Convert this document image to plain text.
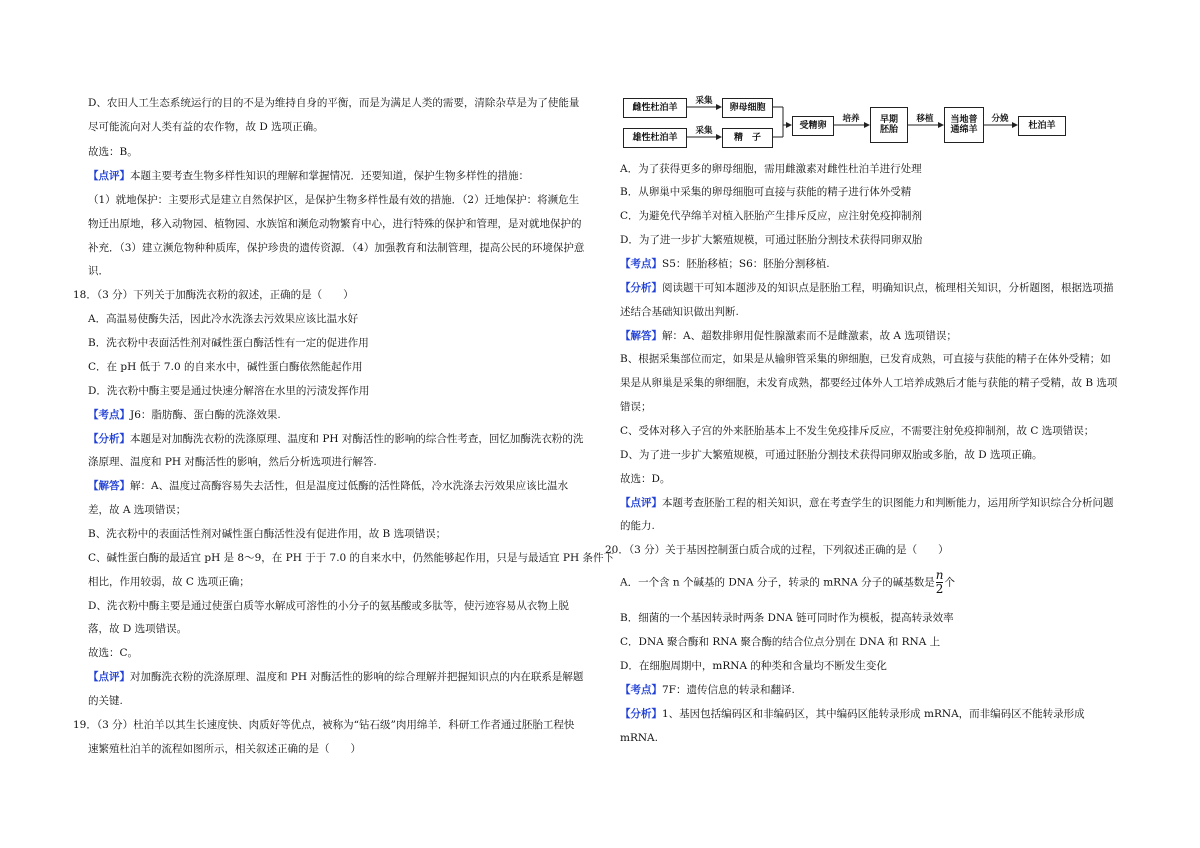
D、农田人工生态系统运行的目的不是为维持自身的平衡，而是为满足人类的需要，清除杂草是为了使能量
尽可能流向对人类有益的农作物，故 D 选项正确。
故选：B。
【点评】本题主要考查生物多样性知识的理解和掌握情况．还要知道，保护生物多样性的措施：
（1）就地保护：主要形式是建立自然保护区，是保护生物多样性最有效的措施．（2）迁地保护：将濒危生
物迁出原地，移入动物园、植物园、水族馆和濒危动物繁育中心，进行特殊的保护和管理，是对就地保护的
补充．（3）建立濒危物种种质库，保护珍贵的遗传资源．（4）加强教育和法制管理，提高公民的环境保护意
识．
18．（3 分）下列关于加酶洗衣粉的叙述，正确的是（　　）
A．高温易使酶失活，因此冷水洗涤去污效果应该比温水好
B．洗衣粉中表面活性剂对碱性蛋白酶活性有一定的促进作用
C．在 pH 低于 7.0 的自来水中，碱性蛋白酶依然能起作用
D．洗衣粉中酶主要是通过快速分解溶在水里的污渍发挥作用
【考点】J6：脂肪酶、蛋白酶的洗涤效果.
【分析】本题是对加酶洗衣粉的洗涤原理、温度和 PH 对酶活性的影响的综合性考查，回忆加酶洗衣粉的洗
涤原理、温度和 PH 对酶活性的影响，然后分析选项进行解答.
【解答】解：A、温度过高酶容易失去活性，但是温度过低酶的活性降低，冷水洗涤去污效果应该比温水
差，故 A 选项错误；
B、洗衣粉中的表面活性剂对碱性蛋白酶活性没有促进作用，故 B 选项错误；
C、碱性蛋白酶的最适宜 pH 是 8～9，在 PH 于于 7.0 的自来水中，仍然能够起作用，只是与最适宜 PH 条件下
相比，作用较弱，故 C 选项正确；
D、洗衣粉中酶主要是通过使蛋白质等水解成可溶性的小分子的氨基酸或多肽等，使污迹容易从衣物上脱
落，故 D 选项错误。
故选：C。
【点评】对加酶洗衣粉的洗涤原理、温度和 PH 对酶活性的影响的综合理解并把握知识点的内在联系是解题
的关键.
19．（3 分）杜泊羊以其生长速度快、肉质好等优点，被称为“钻石级”肉用绵羊．科研工作者通过胚胎工程快
速繁殖杜泊羊的流程如图所示，相关叙述正确的是（　　）
雌性杜泊羊
雄性杜泊羊
采集
采集
卵母细胞
精　子
受精卵
培养	早期
胚胎
移植	当地普
通绵羊
分娩
杜泊羊
A．为了获得更多的卵母细胞，需用雌激素对雌性杜泊羊进行处理
B．从卵巢中采集的卵母细胞可直接与获能的精子进行体外受精
C．为避免代孕绵羊对植入胚胎产生排斥反应，应注射免疫抑制剂
D．为了进一步扩大繁殖规模，可通过胚胎分割技术获得同卵双胎
【考点】S5：胚胎移植；S6：胚胎分割移植.
【分析】阅读题干可知本题涉及的知识点是胚胎工程，明确知识点，梳理相关知识，分析题图，根据选项描
述结合基础知识做出判断.
【解答】解：A、超数排卵用促性腺激素而不是雌激素，故 A 选项错误；
B、根据采集部位而定，如果是从输卵管采集的卵细胞，已发育成熟，可直接与获能的精子在体外受精；如
果是从卵巢是采集的卵细胞，未发育成熟，都要经过体外人工培养成熟后才能与获能的精子受精，故 B 选项
错误；
C、受体对移入子宫的外来胚胎基本上不发生免疫排斥反应，不需要注射免疫抑制剂，故 C 选项错误；
D、为了进一步扩大繁殖规模，可通过胚胎分割技术获得同卵双胎或多胎，故 D 选项正确。
故选：D。
【点评】本题考查胚胎工程的相关知识，意在考查学生的识图能力和判断能力，运用所学知识综合分析问题
的能力.
20．（3 分）关于基因控制蛋白质合成的过程，下列叙述正确的是（　　）
A．一个含 n 个碱基的 DNA 分子，转录的 mRNA 分子的碱基数是 $\frac{n}{2}$ 个
B．细菌的一个基因转录时两条 DNA 链可同时作为模板，提高转录效率
C．DNA 聚合酶和 RNA 聚合酶的结合位点分别在 DNA 和 RNA 上
D．在细胞周期中，mRNA 的种类和含量均不断发生变化
【考点】7F：遗传信息的转录和翻译.
【分析】1、基因包括编码区和非编码区，其中编码区能转录形成 mRNA，而非编码区不能转录形成
mRNA.
